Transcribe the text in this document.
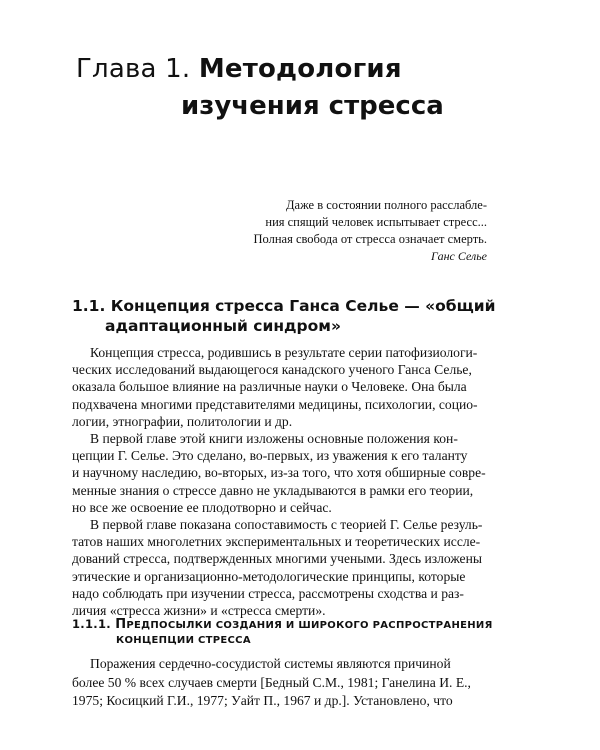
Глава 1. Методология
изучения стресса
Даже в состоянии полного расслабле-
ния спящий человек испытывает стресс...
Полная свобода от стресса означает смерть.
Ганс Селье
1.1. Концепция стресса Ганса Селье — «общий
адаптационный синдром»
Концепция стресса, родившись в результате серии патофизиологи-
ческих исследований выдающегося канадского ученого Ганса Селье,
оказала большое влияние на различные науки о Человеке. Она была
подхвачена многими представителями медицины, психологии, социо-
логии, этнографии, политологии и др.
В первой главе этой книги изложены основные положения кон-
цепции Г. Селье. Это сделано, во-первых, из уважения к его таланту
и научному наследию, во-вторых, из-за того, что хотя обширные совре-
менные знания о стрессе давно не укладываются в рамки его теории,
но все же освоение ее плодотворно и сейчас.
В первой главе показана сопоставимость с теорией Г. Селье резуль-
татов наших многолетних экспериментальных и теоретических иссле-
дований стресса, подтвержденных многими учеными. Здесь изложены
этические и организационно-методологические принципы, которые
надо соблюдать при изучении стресса, рассмотрены сходства и раз-
личия «стресса жизни» и «стресса смерти».
1.1.1. ПРЕДПОСЫЛКИ СОЗДАНИЯ И ШИРОКОГО РАСПРОСТРАНЕНИЯ
КОНЦЕПЦИИ СТРЕССА
Поражения сердечно-сосудистой системы являются причиной
более 50 % всех случаев смерти [Бедный С.М., 1981; Ганелина И. Е.,
1975; Косицкий Г.И., 1977; Уайт П., 1967 и др.]. Установлено, что
